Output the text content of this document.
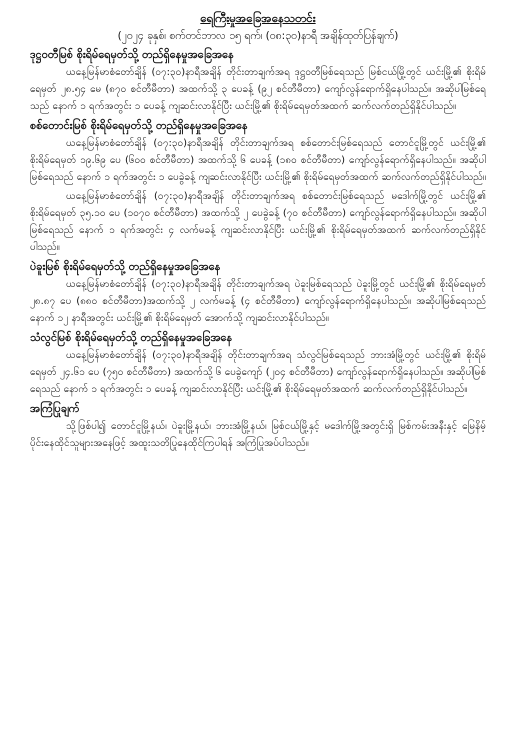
ရေကြီးမှုအခြေအနေသတင်း

(၂၀၂၄ ခုနှစ်၊ စက်တင်ဘာလ ၁၅ ရက်၊ (၀၈:၃၀)နာရီ အချိန်ထုတ်ပြန်ချက်)

ဒုဋ္ဌဝတီမြစ် စိုးရိမ်ရေမှတ်သို့ တည်ရှိနေမှုအခြေအနေ

ယနေ့မြန်မာစံတော်ချိန် (၀၇:၃၀)နာရီအချိန် တိုင်းတာချက်အရ ဒုဋ္ဌဝတီမြစ်ရေသည် မြစ်ငယ်မြို့တွင် ယင်းမြို့၏ စိုးရိမ်ရေမှတ် ၂၈.၅၄ မေ (၈၇၀ စင်တီမီတာ) အထက်သို့ ၃ ပေခန့် (၉၂ စင်တီမီတာ) ကျော်လွန်ရောက်ရှိနေပါသည်။ အဆိုပါမြစ်ရေသည် နောက် ၁ ရက်အတွင်း ၁ ပေခန့် ကျဆင်းလာနိုင်ပြီး ယင်းမြို့၏ စိုးရိမ်ရေမှတ်အထက် ဆက်လက်တည်ရှိနိုင်ပါသည်။

စစ်တောင်းမြစ် စိုးရိမ်ရေမှတ်သို့ တည်ရှိနေမှုအခြေအနေ

ယနေ့မြန်မာစံတော်ချိန် (၀၇:၃၀)နာရီအချိန် တိုင်းတာချက်အရ စစ်တောင်းမြစ်ရေသည် တောင်ငူမြို့တွင် ယင်းမြို့၏ စိုးရိမ်ရေမှတ် ၁၉.၆၉ ပေ (၆၀၀ စင်တီမီတာ) အထက်သို့ ၆ ပေခန့် (၁၈၀ စင်တီမီတာ) ကျော်လွန်ရောက်ရှိနေပါသည်။ အဆိုပါမြစ်ရေသည် နောက် ၁ ရက်အတွင်း ၁ ပေခွဲခန့် ကျဆင်းလာနိုင်ပြီး ယင်းမြို့၏ စိုးရိမ်ရေမှတ်အထက် ဆက်လက်တည်ရှိနိုင်ပါသည်။

ယနေ့မြန်မာစံတော်ချိန် (၀၇:၃၀)နာရီအချိန် တိုင်းတာချက်အရ စစ်တောင်းမြစ်ရေသည် မဒေါက်မြို့တွင် ယင်းမြို့၏ စိုးရိမ်ရေမှတ် ၃၅.၁၀ ပေ (၁၀၇၀ စင်တီမီတာ) အထက်သို့ ၂ ပေခွဲခန့် (၇၀ စင်တီမီတာ) ကျော်လွန်ရောက်ရှိနေပါသည်။ အဆိုပါမြစ်ရေသည် နောက် ၁ ရက်အတွင်း ၄ လက်မခန့် ကျဆင်းလာနိုင်ပြီး ယင်းမြို့၏ စိုးရိမ်ရေမှတ်အထက် ဆက်လက်တည်ရှိနိုင်ပါသည်။

ပဲခူးမြစ် စိုးရိမ်ရေမှတ်သို့ တည်ရှိနေမှုအခြေအနေ

ယနေ့မြန်မာစံတော်ချိန် (၀၇:၃၀)နာရီအချိန် တိုင်းတာချက်အရ ပဲခူးမြစ်ရေသည် ပဲခူးမြို့တွင် ယင်းမြို့၏ စိုးရိမ်ရေမှတ် ၂၈.၈၇ ပေ (၈၈၀ စင်တီမီတာ)အထက်သို့ ၂ လက်မခန့် (၄ စင်တီမီတာ) ကျော်လွန်ရောက်ရှိနေပါသည်။ အဆိုပါမြစ်ရေသည် နောက် ၁၂ နာရီအတွင်း ယင်းမြို့၏ စိုးရိမ်ရေမှတ် အောက်သို့ ကျဆင်းလာနိုင်ပါသည်။

သံလွင်မြစ် စိုးရိမ်ရေမှတ်သို့ တည်ရှိနေမှုအခြေအနေ

ယနေ့မြန်မာစံတော်ချိန် (၀၇:၃၀)နာရီအချိန် တိုင်းတာချက်အရ သံလွင်မြစ်ရေသည် ဘားအံမြို့တွင် ယင်းမြို့၏ စိုးရိမ်ရေမှတ် ၂၄.၆၁ ပေ (၇၅၀ စင်တီမီတာ) အထက်သို့ ၆ ပေခွဲကျော် (၂၀၄ စင်တီမီတာ) ကျော်လွန်ရောက်ရှိနေပါသည်။ အဆိုပါမြစ်ရေသည် နောက် ၁ ရက်အတွင်း ၁ ပေခန့် ကျဆင်းလာနိုင်ပြီး ယင်းမြို့၏ စိုးရိမ်ရေမှတ်အထက် ဆက်လက်တည်ရှိနိုင်ပါသည်။

အကြံပြုချက်

သို့ဖြစ်ပါ၍ တောင်ငူမြို့နယ်၊ ပဲခူးမြို့နယ်၊ ဘားအံမြို့နယ်၊ မြစ်ငယ်မြို့နှင့် မဒေါက်မြို့အတွင်းရှိ မြစ်ကမ်းအနီးနှင့် မြေနိမ့်ပိုင်းနေထိုင်သူများအနေဖြင့် အထူးသတိပြုနေထိုင်ကြပါရန် အကြံပြုအပ်ပါသည်။
